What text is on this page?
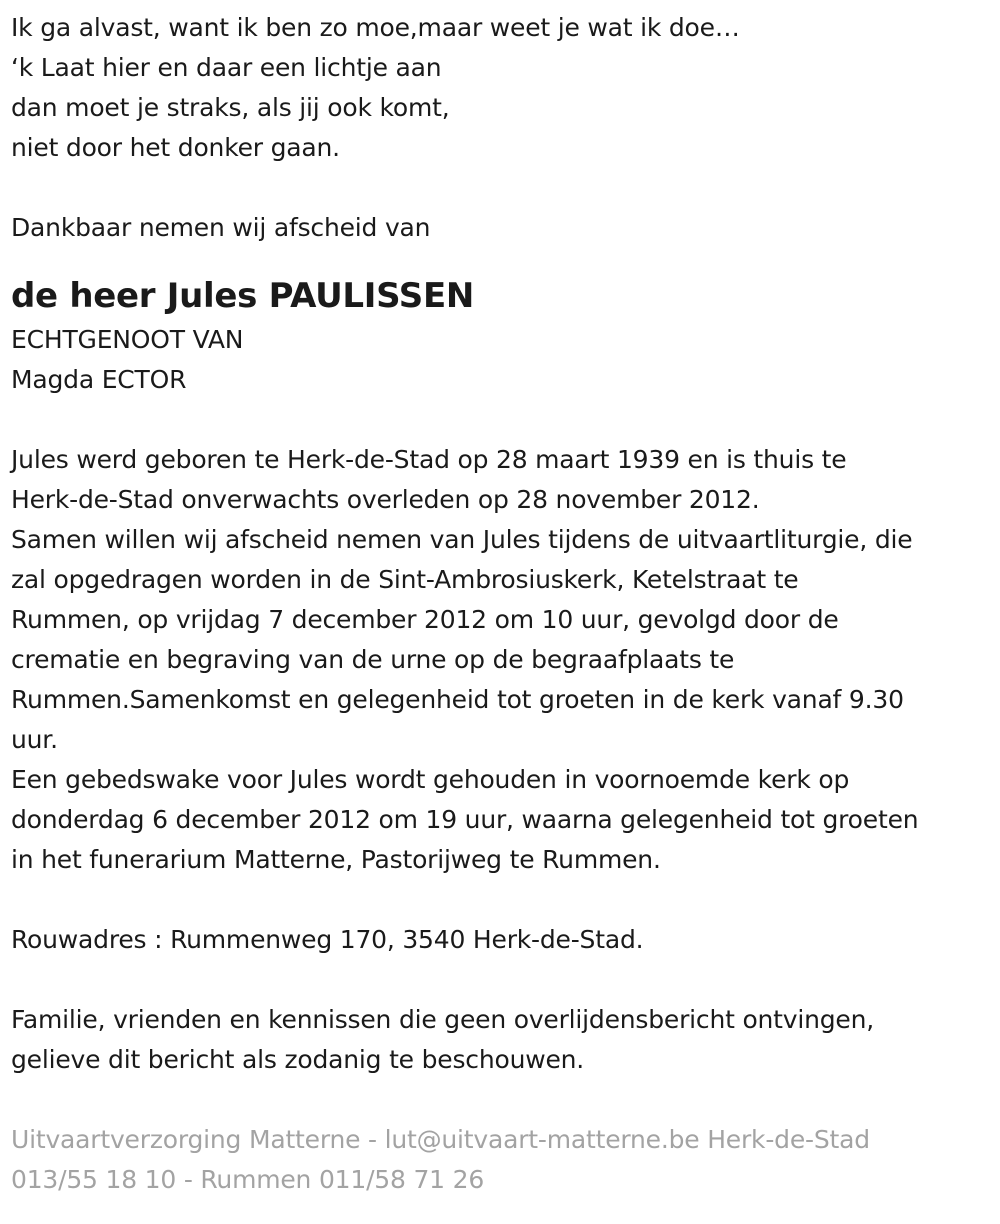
Ik ga alvast, want ik ben zo moe,maar weet je wat ik doe…
‘k Laat hier en daar een lichtje aan
dan moet je straks, als jij ook komt,
niet door het donker gaan.
Dankbaar nemen wij afscheid van
de heer Jules PAULISSEN
ECHTGENOOT VAN
Magda ECTOR
Jules werd geboren te Herk-de-Stad op 28 maart 1939 en is thuis te
Herk-de-Stad onverwachts overleden op 28 november 2012.
Samen willen wij afscheid nemen van Jules tijdens de uitvaartliturgie, die
zal opgedragen worden in de Sint-Ambrosiuskerk, Ketelstraat te
Rummen, op vrijdag 7 december 2012 om 10 uur, gevolgd door de
crematie en begraving van de urne op de begraafplaats te
Rummen.Samenkomst en gelegenheid tot groeten in de kerk vanaf 9.30
uur.
Een gebedswake voor Jules wordt gehouden in voornoemde kerk op
donderdag 6 december 2012 om 19 uur, waarna gelegenheid tot groeten
in het funerarium Matterne, Pastorijweg te Rummen.
Rouwadres : Rummenweg 170, 3540 Herk-de-Stad.
Familie, vrienden en kennissen die geen overlijdensbericht ontvingen,
gelieve dit bericht als zodanig te beschouwen.
Uitvaartverzorging Matterne - lut@uitvaart-matterne.be Herk-de-Stad
013/55 18 10 - Rummen 011/58 71 26
